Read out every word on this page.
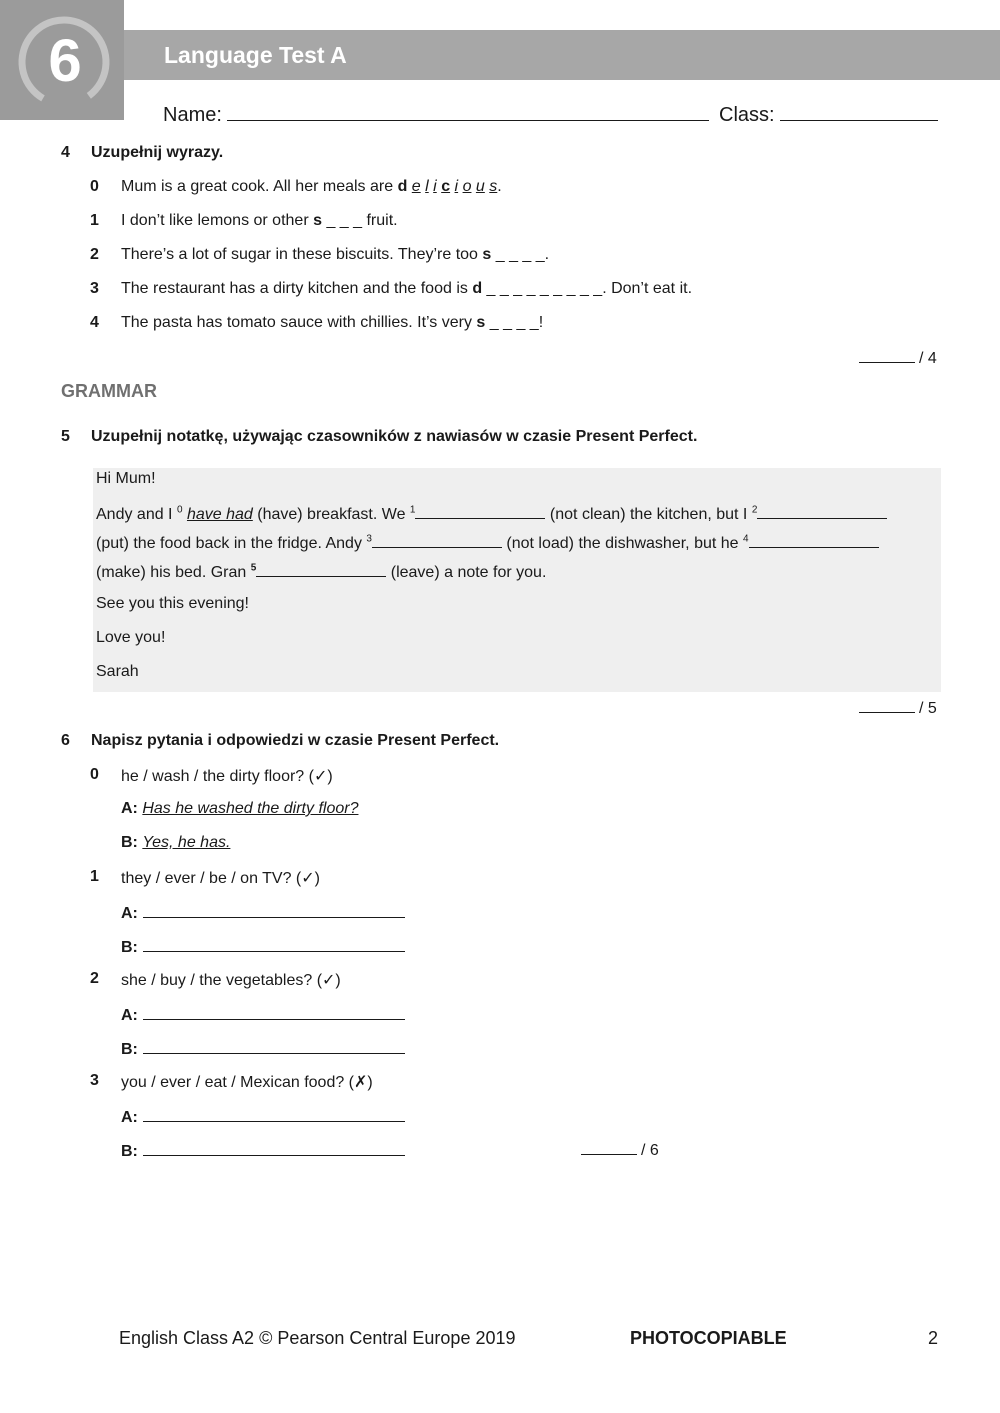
6	Language Test A
Name:	Class:
4 Uzupełnij wyrazy.
0 Mum is a great cook. All her meals are d e l i c i o u s.
1 I don’t like lemons or other s _ _ _ fruit.
2 There’s a lot of sugar in these biscuits. They’re too s _ _ _ _.
3 The restaurant has a dirty kitchen and the food is d _ _ _ _ _ _ _ _ _. Don’t eat it.
4 The pasta has tomato sauce with chillies. It’s very s _ _ _ _!
/ 4
GRAMMAR
5 Uzupełnij notatkę, używając czasowników z nawiasów w czasie Present Perfect.
Hi Mum!
Andy and I $^0$ have had (have) breakfast. We $^1$	(not clean) the kitchen, but I $^2$
(put) the food back in the fridge. Andy $^3$	(not load) the dishwasher, but he $^4$
(make) his bed. Gran $^5$	(leave) a note for you.
See you this evening!
Love you!
Sarah
/ 5
6 Napisz pytania i odpowiedzi w czasie Present Perfect.
0 he / wash / the dirty floor? (✓)
A: Has he washed the dirty floor?
B: Yes, he has.
1 they / ever / be / on TV? (✓)
A:
B:
2 she / buy / the vegetables? (✓)
A:
B:
3 you / ever / eat / Mexican food? (✗)
A:
B:	/ 6
English Class A2 © Pearson Central Europe 2019	PHOTOCOPIABLE	2
